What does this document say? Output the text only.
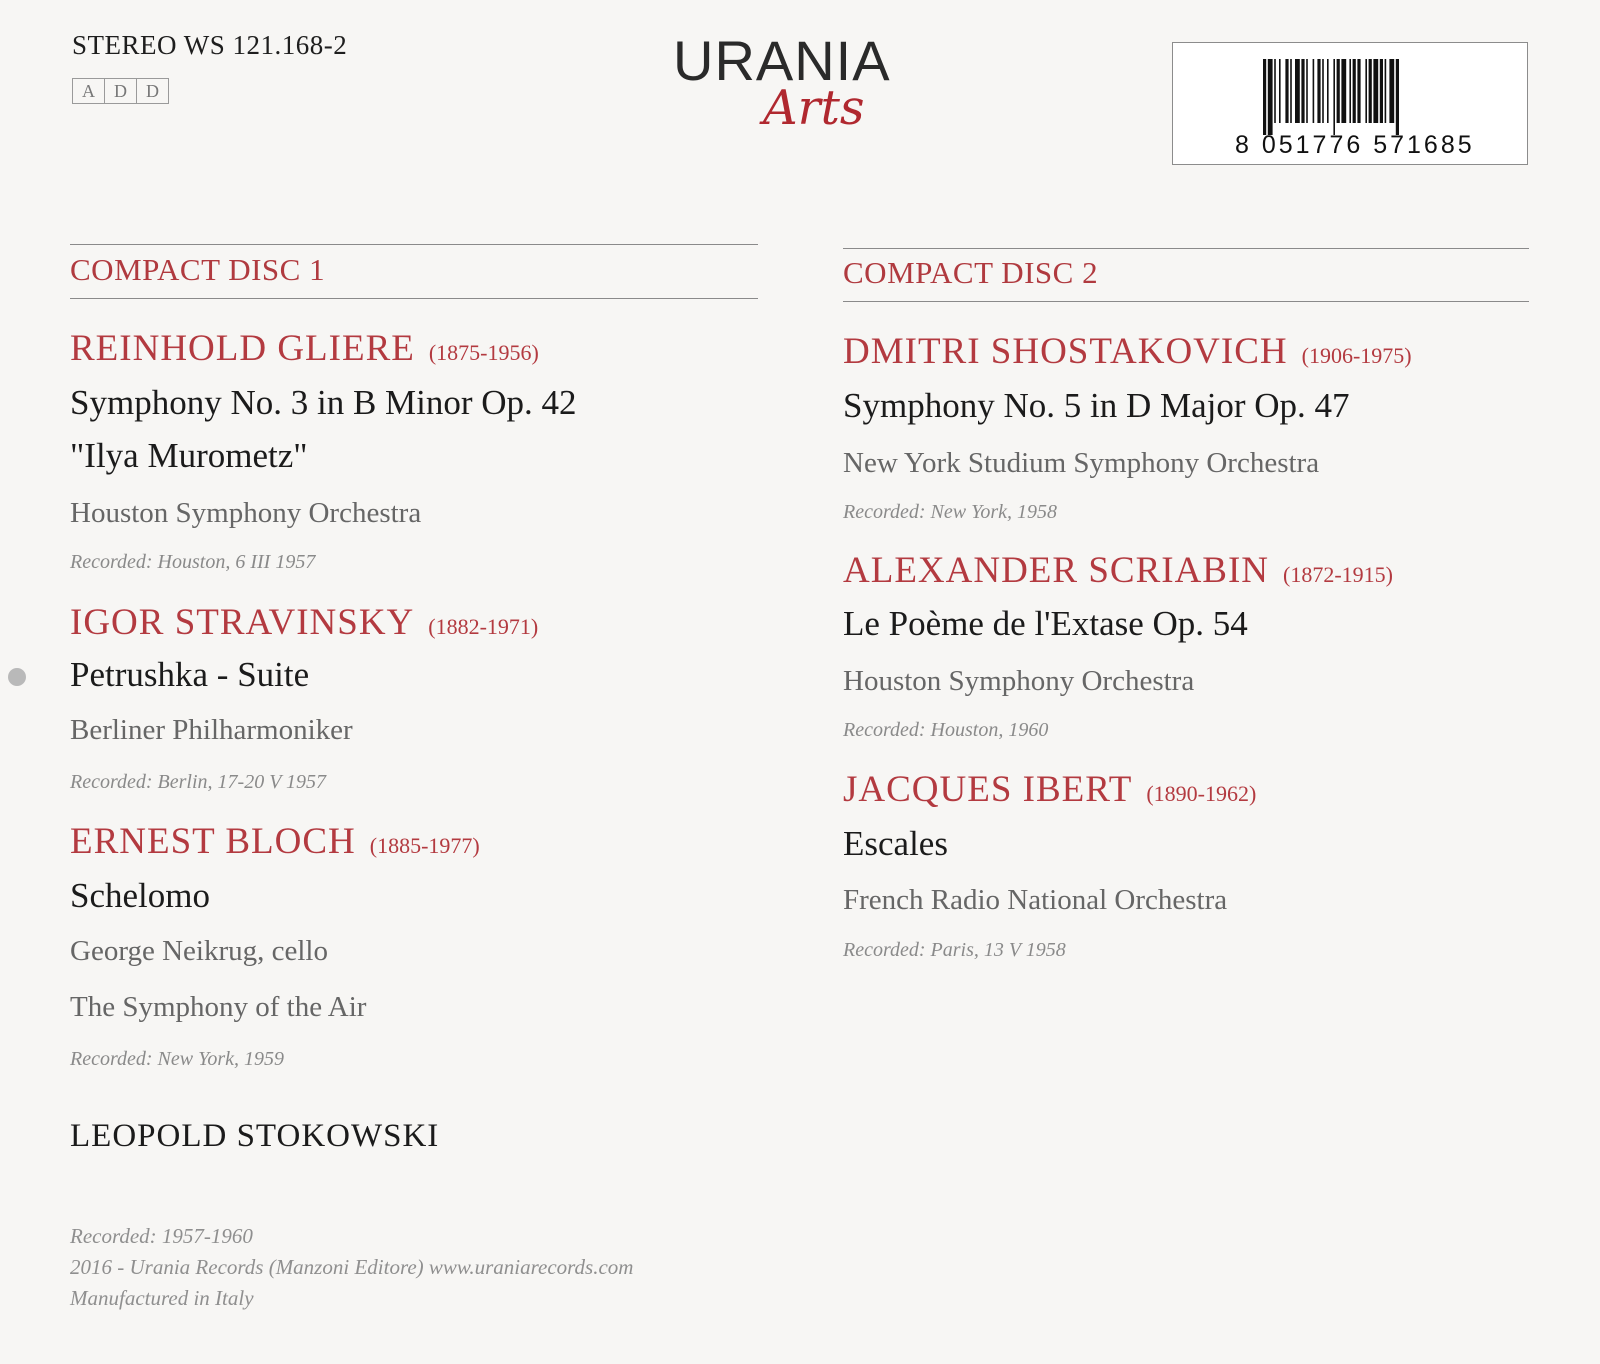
STEREO WS 121.168-2
A	D	D	URANIA
Arts
8 051776 571685
COMPACT DISC 1
REINHOLD GLIERE (1875-1956)
Symphony No. 3 in B Minor Op. 42
"Ilya Murometz"
Houston Symphony Orchestra
Recorded: Houston, 6 III 1957
IGOR STRAVINSKY (1882-1971)
Petrushka - Suite
Berliner Philharmoniker
Recorded: Berlin, 17-20 V 1957
ERNEST BLOCH (1885-1977)
Schelomo
George Neikrug, cello
The Symphony of the Air
Recorded: New York, 1959
LEOPOLD STOKOWSKI
COMPACT DISC 2
DMITRI SHOSTAKOVICH (1906-1975)
Symphony No. 5 in D Major Op. 47
New York Studium Symphony Orchestra
Recorded: New York, 1958
ALEXANDER SCRIABIN (1872-1915)
Le Poème de l'Extase Op. 54
Houston Symphony Orchestra
Recorded: Houston, 1960
JACQUES IBERT (1890-1962)
Escales
French Radio National Orchestra
Recorded: Paris, 13 V 1958
Recorded: 1957-1960
2016 - Urania Records (Manzoni Editore) www.uraniarecords.com
Manufactured in Italy
